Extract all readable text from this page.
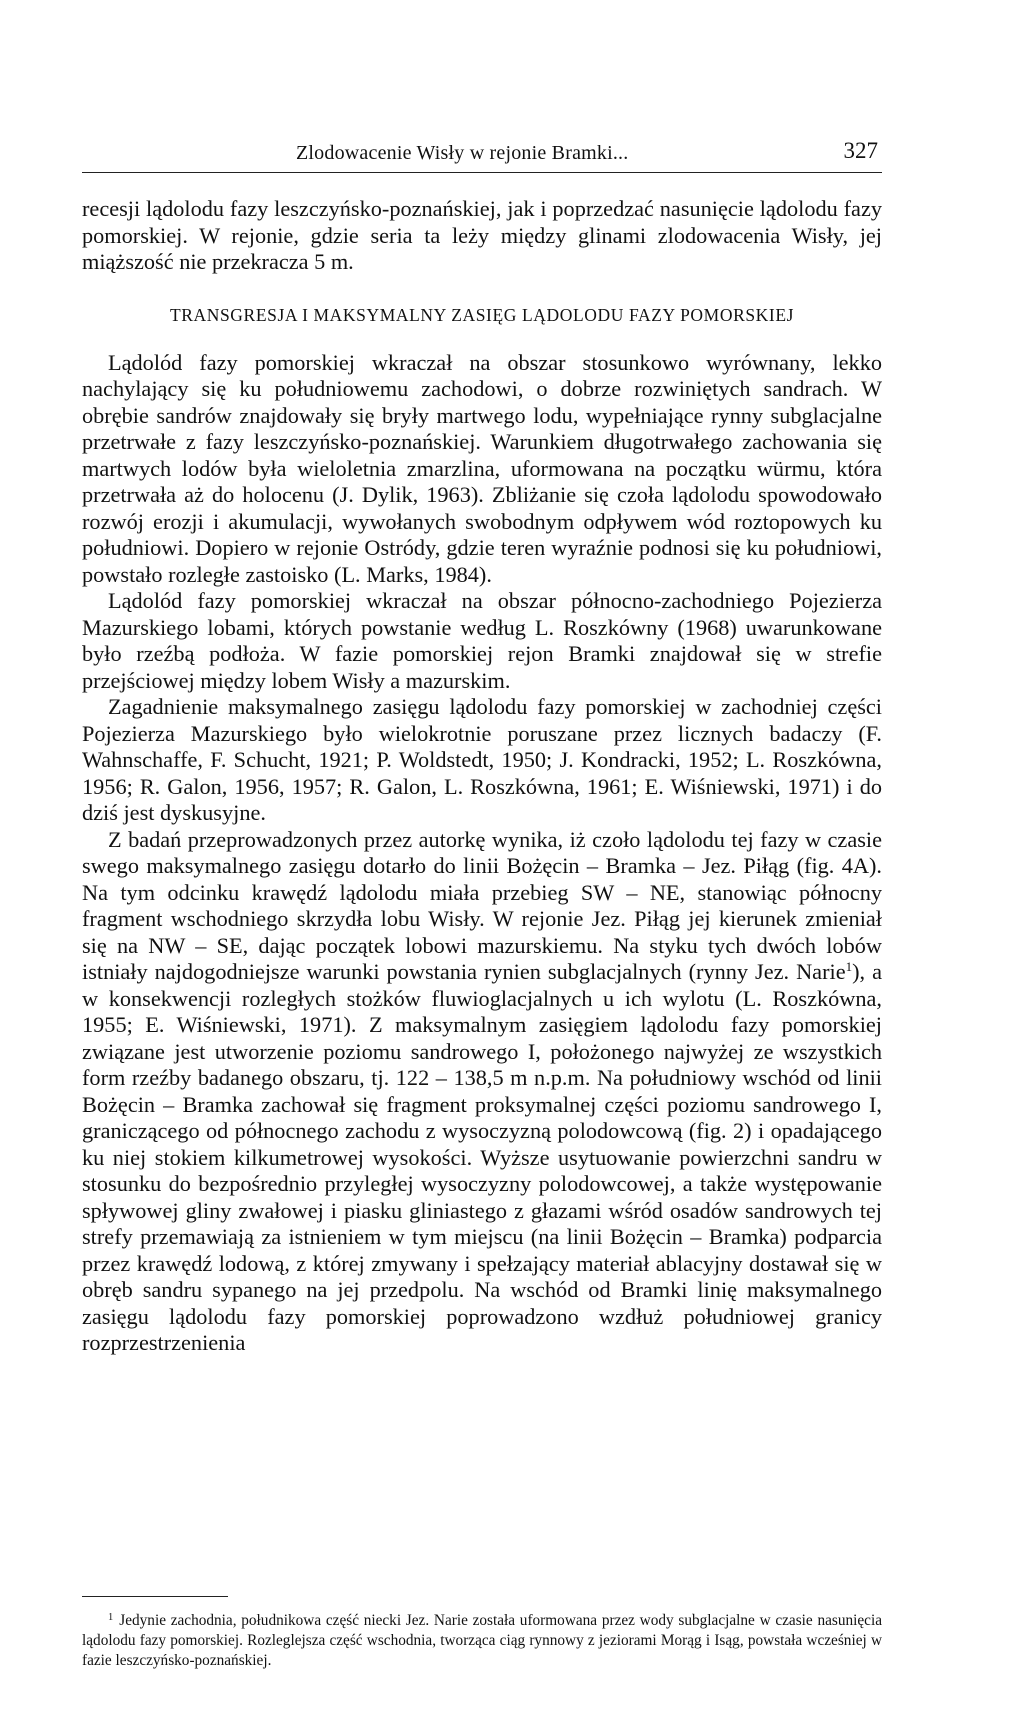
Zlodowacenie Wisły w rejonie Bramki...	327

recesji lądolodu fazy leszczyńsko-poznańskiej, jak i poprzedzać nasunięcie lądolodu fazy pomorskiej. W rejonie, gdzie seria ta leży między glinami zlodowacenia Wisły, jej miąższość nie przekracza 5 m.

TRANSGRESJA I MAKSYMALNY ZASIĘG LĄDOLODU FAZY POMORSKIEJ

Lądolód fazy pomorskiej wkraczał na obszar stosunkowo wyrównany, lekko nachylający się ku południowemu zachodowi, o dobrze rozwiniętych sandrach. W obrębie sandrów znajdowały się bryły martwego lodu, wypełniające rynny subglacjalne przetrwałe z fazy leszczyńsko-poznańskiej. Warunkiem długotrwałego zachowania się martwych lodów była wieloletnia zmarzlina, uformowana na początku würmu, która przetrwała aż do holocenu (J. Dylik, 1963). Zbliżanie się czoła lądolodu spowodowało rozwój erozji i akumulacji, wywołanych swobodnym odpływem wód roztopowych ku południowi. Dopiero w rejonie Ostródy, gdzie teren wyraźnie podnosi się ku południowi, powstało rozległe zastoisko (L. Marks, 1984).

Lądolód fazy pomorskiej wkraczał na obszar północno-zachodniego Pojezierza Mazurskiego lobami, których powstanie według L. Roszkówny (1968) uwarunkowane było rzeźbą podłoża. W fazie pomorskiej rejon Bramki znajdował się w strefie przejściowej między lobem Wisły a mazurskim.

Zagadnienie maksymalnego zasięgu lądolodu fazy pomorskiej w zachodniej części Pojezierza Mazurskiego było wielokrotnie poruszane przez licznych badaczy (F. Wahnschaffe, F. Schucht, 1921; P. Woldstedt, 1950; J. Kondracki, 1952; L. Roszkówna, 1956; R. Galon, 1956, 1957; R. Galon, L. Roszkówna, 1961; E. Wiśniewski, 1971) i do dziś jest dyskusyjne.

Z badań przeprowadzonych przez autorkę wynika, iż czoło lądolodu tej fazy w czasie swego maksymalnego zasięgu dotarło do linii Bożęcin – Bramka – Jez. Piłąg (fig. 4A). Na tym odcinku krawędź lądolodu miała przebieg SW – NE, stanowiąc północny fragment wschodniego skrzydła lobu Wisły. W rejonie Jez. Piłąg jej kierunek zmieniał się na NW – SE, dając początek lobowi mazurskiemu. Na styku tych dwóch lobów istniały najdogodniejsze warunki powstania rynien subglacjalnych (rynny Jez. Narie$^1$), a w konsekwencji rozległych stożków fluwioglacjalnych u ich wylotu (L. Roszkówna, 1955; E. Wiśniewski, 1971). Z maksymalnym zasięgiem lądolodu fazy pomorskiej związane jest utworzenie poziomu sandrowego I, położonego najwyżej ze wszystkich form rzeźby badanego obszaru, tj. 122 – 138,5 m n.p.m. Na południowy wschód od linii Bożęcin – Bramka zachował się fragment proksymalnej części poziomu sandrowego I, graniczącego od północnego zachodu z wysoczyzną polodowcową (fig. 2) i opadającego ku niej stokiem kilkumetrowej wysokości. Wyższe usytuowanie powierzchni sandru w stosunku do bezpośrednio przyległej wysoczyzny polodowcowej, a także występowanie spływowej gliny zwałowej i piasku gliniastego z głazami wśród osadów sandrowych tej strefy przemawiają za istnieniem w tym miejscu (na linii Bożęcin – Bramka) podparcia przez krawędź lodową, z której zmywany i spełzający materiał ablacyjny dostawał się w obręb sandru sypanego na jej przedpolu. Na wschód od Bramki linię maksymalnego zasięgu lądolodu fazy pomorskiej poprowadzono wzdłuż południowej granicy rozprzestrzenienia

$^1$ Jedynie zachodnia, południkowa część niecki Jez. Narie została uformowana przez wody subglacjalne w czasie nasunięcia lądolodu fazy pomorskiej. Rozleglejsza część wschodnia, tworząca ciąg rynnowy z jeziorami Morąg i Isąg, powstała wcześniej w fazie leszczyńsko-poznańskiej.
